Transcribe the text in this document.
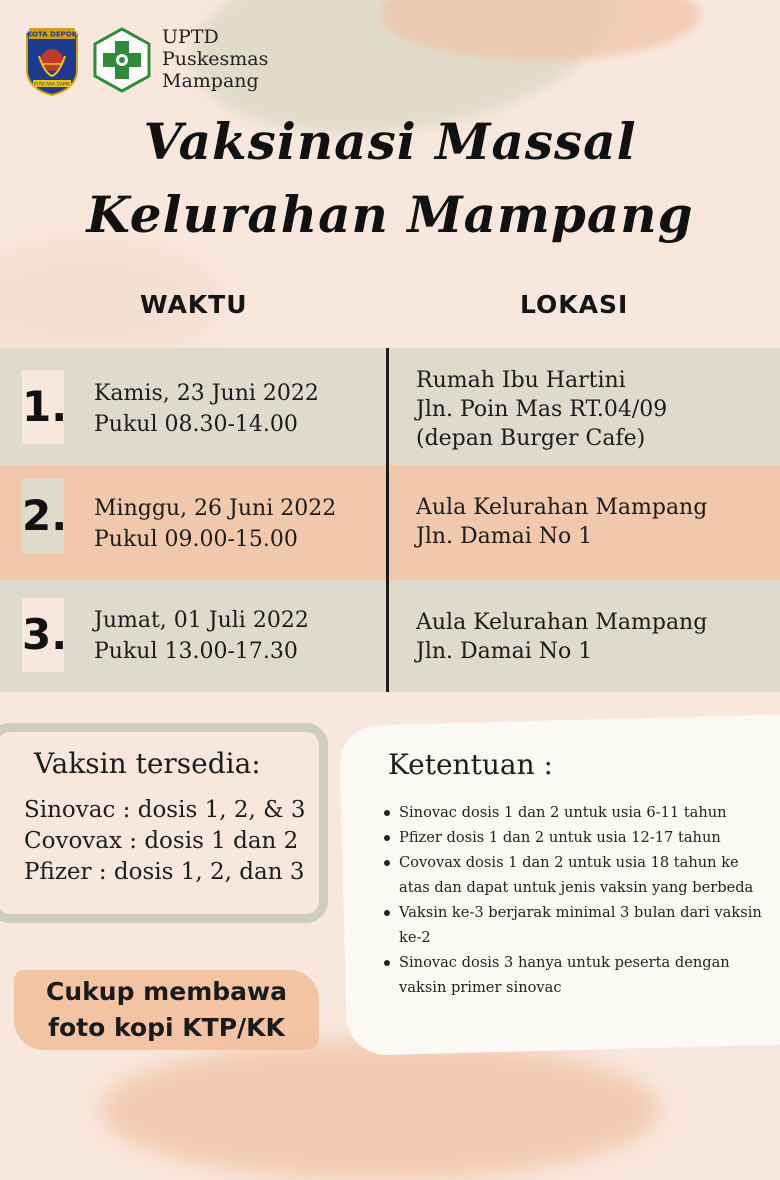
KOTA DEPOK
PUSCARA DAMA
UPTD
Puskesmas
Mampang
Vaksinasi Massal
Kelurahan Mampang
WAKTU	LOKASI
1. Kamis, 23 Juni 2022
Pukul 08.30-14.00
Rumah Ibu Hartini
Jln. Poin Mas RT.04/09
(depan Burger Cafe)
2. Minggu, 26 Juni 2022
Pukul 09.00-15.00
Aula Kelurahan Mampang
Jln. Damai No 1
3. Jumat, 01 Juli 2022
Pukul 13.00-17.30
Aula Kelurahan Mampang
Jln. Damai No 1
Vaksin tersedia:
Sinovac : dosis 1, 2, & 3
Covovax : dosis 1 dan 2
Pfizer : dosis 1, 2, dan 3
Ketentuan :
Sinovac dosis 1 dan 2 untuk usia 6-11 tahun
Pfizer dosis 1 dan 2 untuk usia 12-17 tahun
Covovax dosis 1 dan 2 untuk usia 18 tahun ke atas dan dapat untuk jenis vaksin yang berbeda
Vaksin ke-3 berjarak minimal 3 bulan dari vaksin ke-2
Sinovac dosis 3 hanya untuk peserta dengan vaksin primer sinovac
Cukup membawa
foto kopi KTP/KK
